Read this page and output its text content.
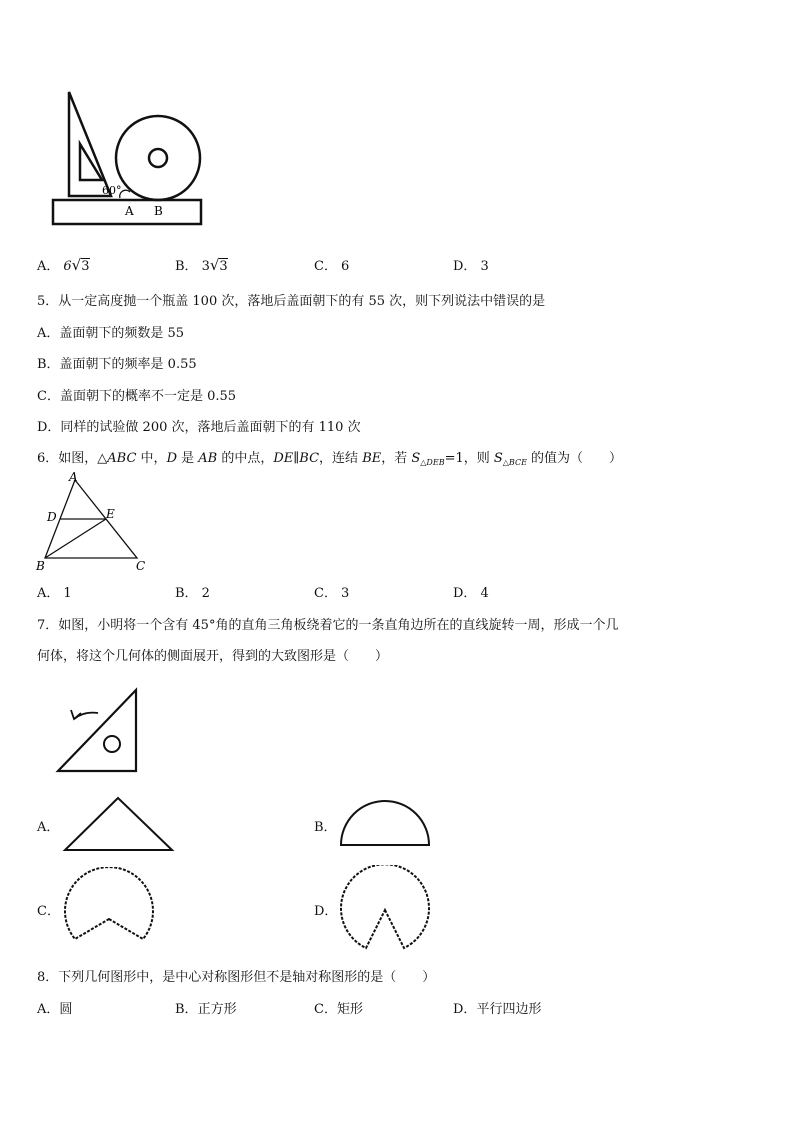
60°
A B
A． 6√3	B． 3√3	C． 6	D． 3
5．从一定高度抛一个瓶盖 100 次，落地后盖面朝下的有 55 次，则下列说法中错误的是
A．盖面朝下的频数是 55
B．盖面朝下的频率是 0.55
C．盖面朝下的概率不一定是 0.55
D．同样的试验做 200 次，落地后盖面朝下的有 110 次
6．如图，△ABC 中，D 是 AB 的中点，DE∥BC，连结 BE，若 $S_{\triangle DEB}=1$，则 $S_{\triangle BCE}$ 的值为（　　）
A
D	E
B	C
A． 1	B． 2	C． 3	D． 4
7．如图，小明将一个含有 45°角的直角三角板绕着它的一条直角边所在的直线旋转一周，形成一个几
何体，将这个几何体的侧面展开，得到的大致图形是（　　）
A．	B．
C．	D．
8．下列几何图形中，是中心对称图形但不是轴对称图形的是（　　）
A．圆	B．正方形	C．矩形	D．平行四边形
